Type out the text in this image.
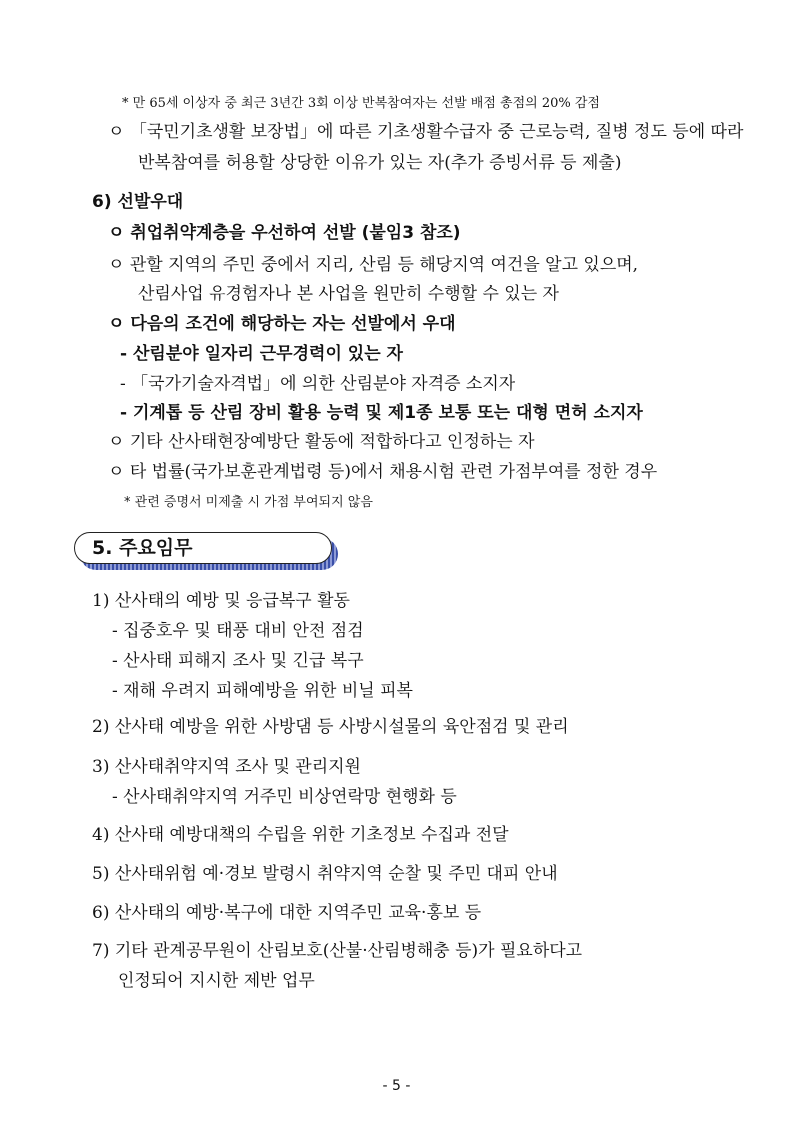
* 만 65세 이상자 중 최근 3년간 3회 이상 반복참여자는 선발 배점 총점의 20% 감점
ㅇ 「국민기초생활 보장법」에 따른 기초생활수급자 중 근로능력, 질병 정도 등에 따라
반복참여를 허용할 상당한 이유가 있는 자(추가 증빙서류 등 제출)
6) 선발우대
ㅇ 취업취약계층을 우선하여 선발 (붙임3 참조)
ㅇ 관할 지역의 주민 중에서 지리, 산림 등 해당지역 여건을 알고 있으며,
산림사업 유경험자나 본 사업을 원만히 수행할 수 있는 자
ㅇ 다음의 조건에 해당하는 자는 선발에서 우대
- 산림분야 일자리 근무경력이 있는 자
- 「국가기술자격법」에 의한 산림분야 자격증 소지자
- 기계톱 등 산림 장비 활용 능력 및 제1종 보통 또는 대형 면허 소지자
ㅇ 기타 산사태현장예방단 활동에 적합하다고 인정하는 자
ㅇ 타 법률(국가보훈관계법령 등)에서 채용시험 관련 가점부여를 정한 경우
* 관련 증명서 미제출 시 가점 부여되지 않음
5. 주요임무
1) 산사태의 예방 및 응급복구 활동
- 집중호우 및 태풍 대비 안전 점검
- 산사태 피해지 조사 및 긴급 복구
- 재해 우려지 피해예방을 위한 비닐 피복
2) 산사태 예방을 위한 사방댐 등 사방시설물의 육안점검 및 관리
3) 산사태취약지역 조사 및 관리지원
- 산사태취약지역 거주민 비상연락망 현행화 등
4) 산사태 예방대책의 수립을 위한 기초정보 수집과 전달
5) 산사태위험 예·경보 발령시 취약지역 순찰 및 주민 대피 안내
6) 산사태의 예방·복구에 대한 지역주민 교육·홍보 등
7) 기타 관계공무원이 산림보호(산불·산림병해충 등)가 필요하다고
인정되어 지시한 제반 업무
- 5 -
